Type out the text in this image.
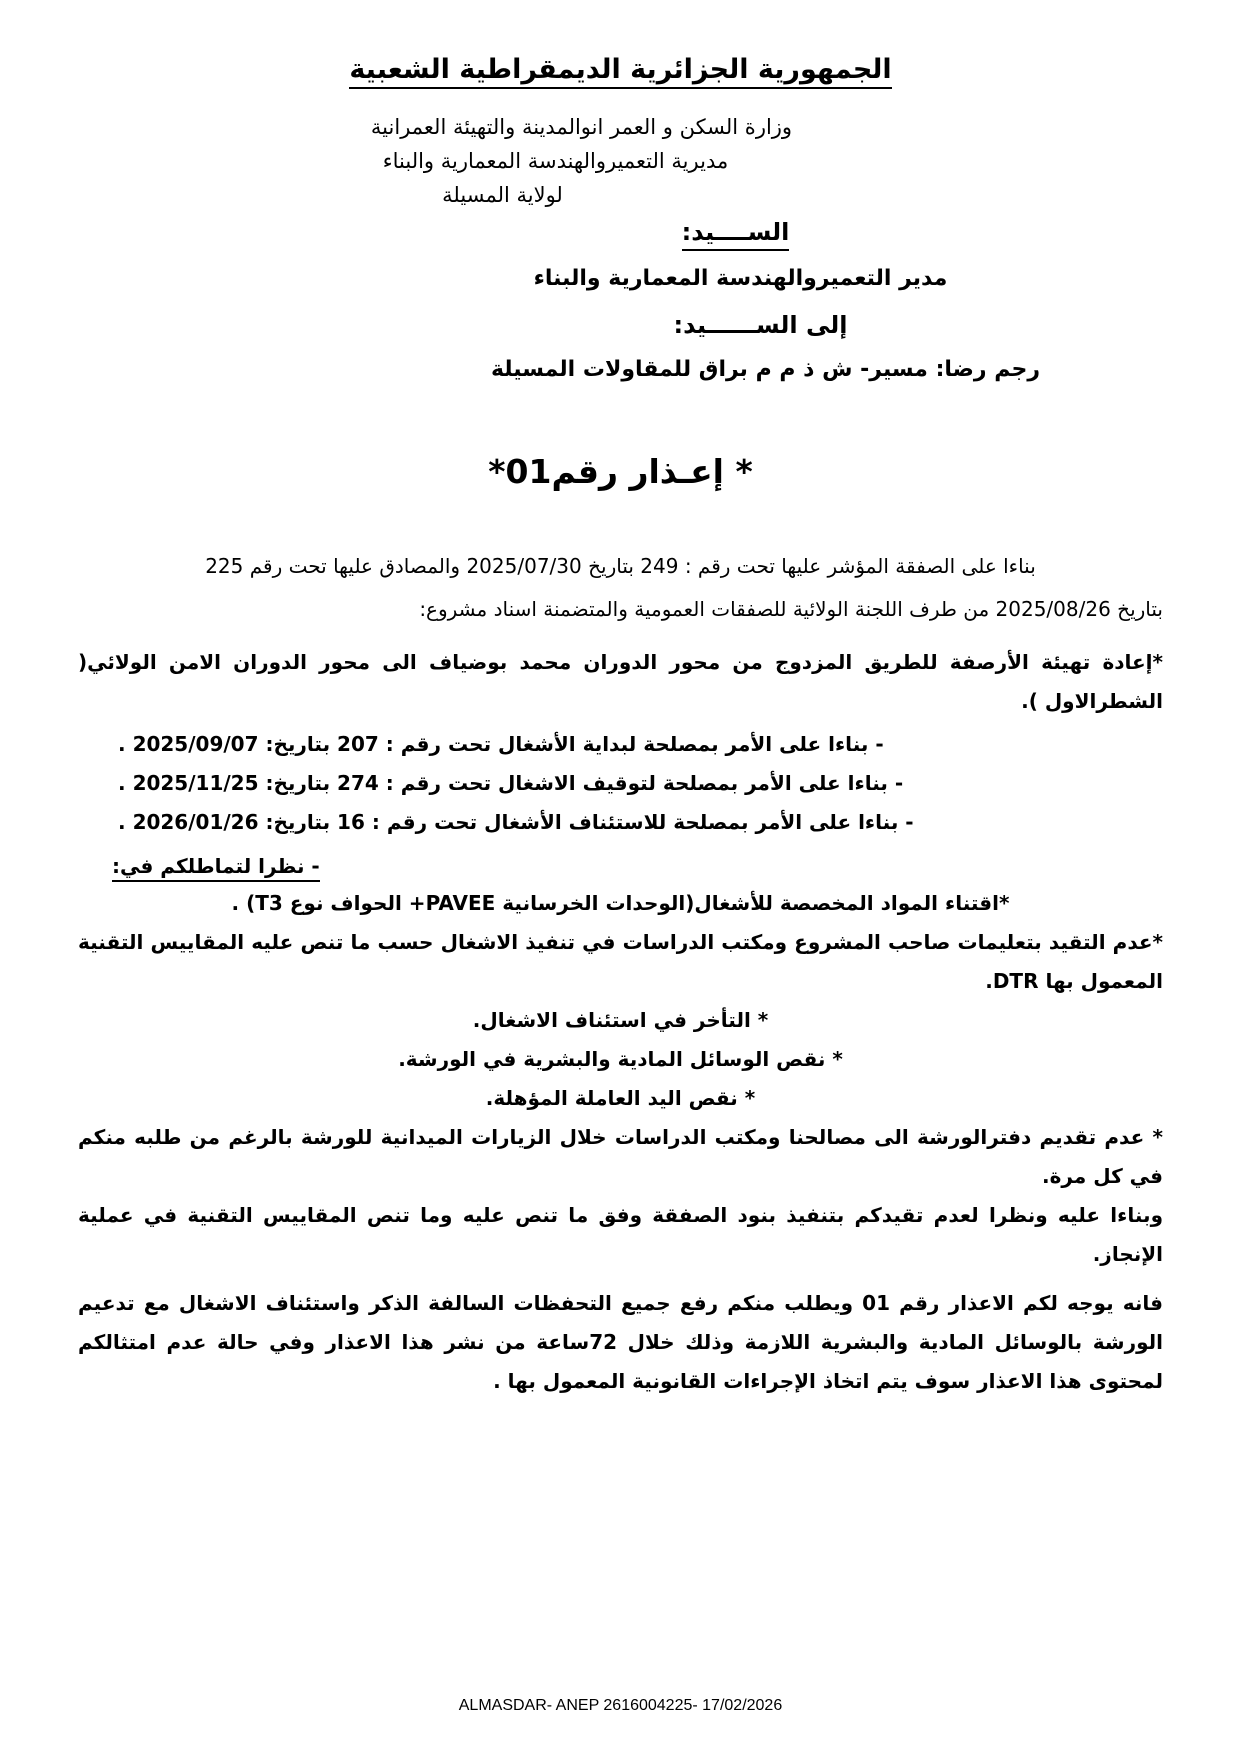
الجمهورية الجزائرية الديمقراطية الشعبية
وزارة السكن و العمر انوالمدينة والتهيئة العمرانية
مديرية التعميروالهندسة المعمارية والبناء
لولاية المسيلة
الســــيد:
مدير التعميروالهندسة المعمارية والبناء
إلى الســــــيد:
رجم رضا: مسير- ش ذ م م براق للمقاولات المسيلة
* إعـذار رقم01*

بناءا على الصفقة المؤشر عليها تحت رقم : 249 بتاريخ 2025/07/30 والمصادق عليها تحت رقم 225

بتاريخ 2025/08/26 من طرف اللجنة الولائية للصفقات العمومية والمتضمنة اسناد مشروع:

*إعادة تهيئة الأرصفة للطريق المزدوج من محور الدوران محمد بوضياف الى محور الدوران الامن الولائي( الشطرالاول ).

- بناءا على الأمر بمصلحة لبداية الأشغال تحت رقم : 207 بتاريخ: 2025/09/07 .

- بناءا على الأمر بمصلحة لتوقيف الاشغال تحت رقم : 274 بتاريخ: 2025/11/25 .

- بناءا على الأمر بمصلحة للاستئناف الأشغال تحت رقم : 16 بتاريخ: 2026/01/26 .

- نظرا لتماطلكم في:

*اقتناء المواد المخصصة للأشغال(الوحدات الخرسانية PAVEE+ الحواف نوع T3) .

*عدم التقيد بتعليمات صاحب المشروع ومكتب الدراسات في تنفيذ الاشغال حسب ما تنص عليه المقاييس التقنية المعمول بها DTR.

* التأخر في استئناف الاشغال.

* نقص الوسائل المادية والبشرية في الورشة.

* نقص اليد العاملة المؤهلة.

* عدم تقديم دفترالورشة الى مصالحنا ومكتب الدراسات خلال الزيارات الميدانية للورشة بالرغم من طلبه منكم في كل مرة.

وبناءا عليه ونظرا لعدم تقيدكم بتنفيذ بنود الصفقة وفق ما تنص عليه وما تنص المقاييس التقنية في عملية الإنجاز.

فانه يوجه لكم الاعذار رقم 01 ويطلب منكم رفع جميع التحفظات السالفة الذكر واستئناف الاشغال مع تدعيم الورشة بالوسائل المادية والبشرية اللازمة وذلك خلال 72ساعة من نشر هذا الاعذار وفي حالة عدم امتثالكم لمحتوى هذا الاعذار سوف يتم اتخاذ الإجراءات القانونية المعمول بها .

ALMASDAR- ANEP 2616004225- 17/02/2026
